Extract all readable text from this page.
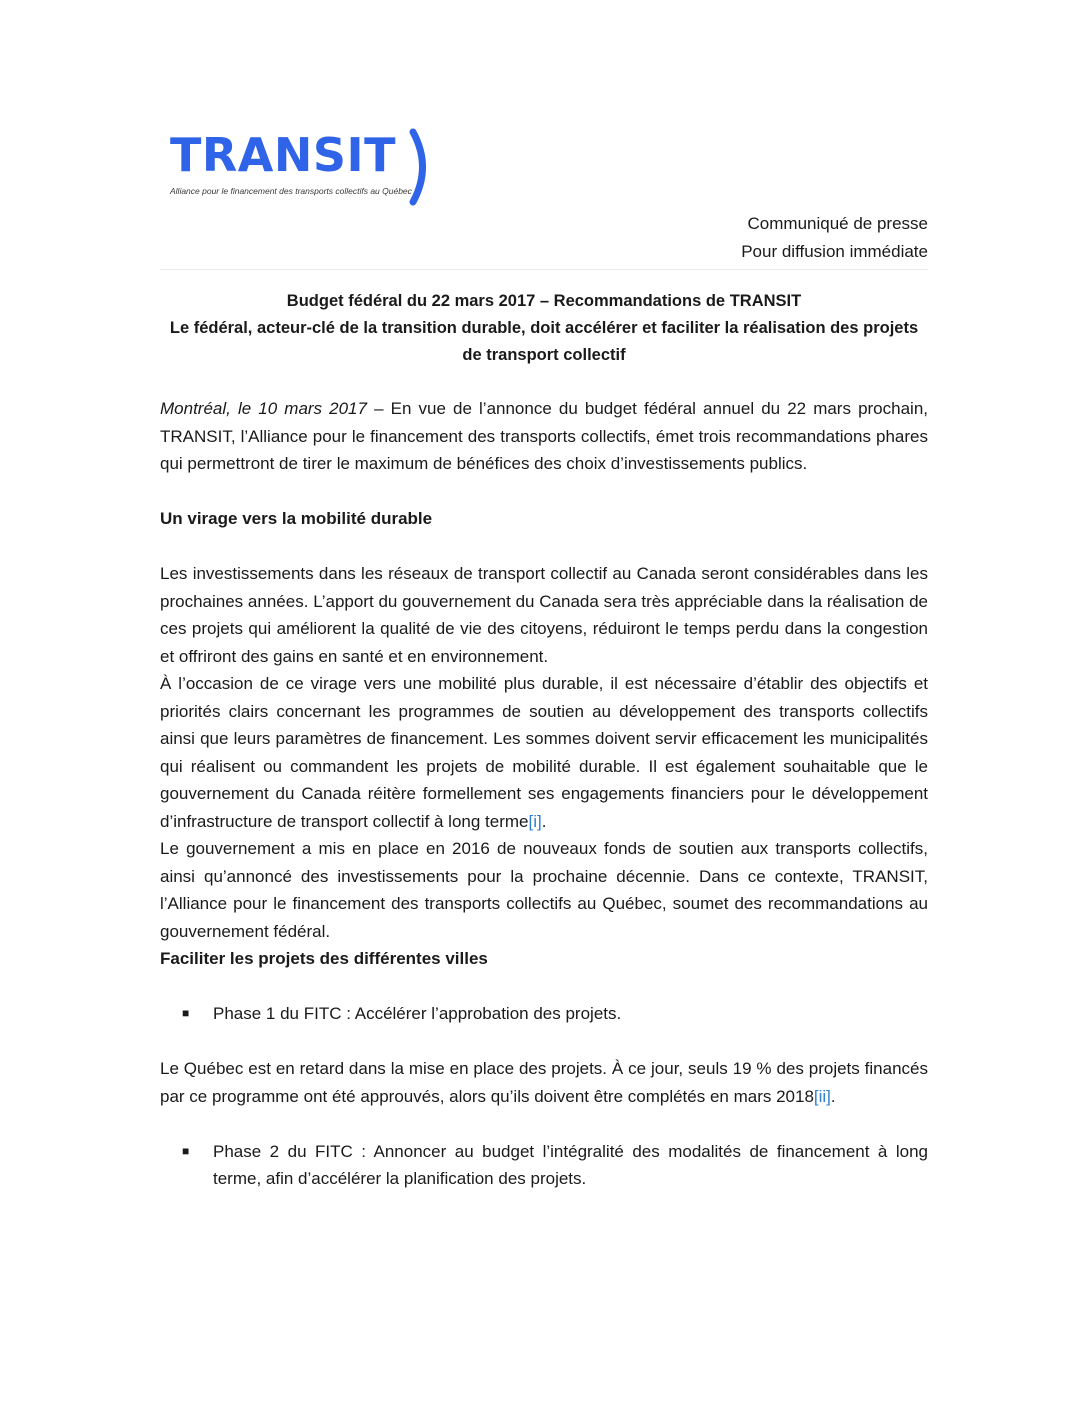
TRANSIT
Alliance pour le financement des transports collectifs au Québec
Communiqué de presse
Pour diffusion immédiate
Budget fédéral du 22 mars 2017 – Recommandations de TRANSIT
Le fédéral, acteur-clé de la transition durable, doit accélérer et faciliter la réalisation des projets de transport collectif

Montréal, le 10 mars 2017 – En vue de l’annonce du budget fédéral annuel du 22 mars prochain, TRANSIT, l’Alliance pour le financement des transports collectifs, émet trois recommandations phares qui permettront de tirer le maximum de bénéfices des choix d’investissements publics.

Un virage vers la mobilité durable

Les investissements dans les réseaux de transport collectif au Canada seront considérables dans les prochaines années. L’apport du gouvernement du Canada sera très appréciable dans la réalisation de ces projets qui améliorent la qualité de vie des citoyens, réduiront le temps perdu dans la congestion et offriront des gains en santé et en environnement.

À l’occasion de ce virage vers une mobilité plus durable, il est nécessaire d’établir des objectifs et priorités clairs concernant les programmes de soutien au développement des transports collectifs ainsi que leurs paramètres de financement. Les sommes doivent servir efficacement les municipalités qui réalisent ou commandent les projets de mobilité durable. Il est également souhaitable que le gouvernement du Canada réitère formellement ses engagements financiers pour le développement d’infrastructure de transport collectif à long terme[i].

Le gouvernement a mis en place en 2016 de nouveaux fonds de soutien aux transports collectifs, ainsi qu’annoncé des investissements pour la prochaine décennie. Dans ce contexte, TRANSIT, l’Alliance pour le financement des transports collectifs au Québec, soumet des recommandations au gouvernement fédéral.

Faciliter les projets des différentes villes

■ Phase 1 du FITC : Accélérer l’approbation des projets.

Le Québec est en retard dans la mise en place des projets. À ce jour, seuls 19 % des projets financés par ce programme ont été approuvés, alors qu’ils doivent être complétés en mars 2018[ii].

■ Phase 2 du FITC : Annoncer au budget l’intégralité des modalités de financement à long terme, afin d’accélérer la planification des projets.
